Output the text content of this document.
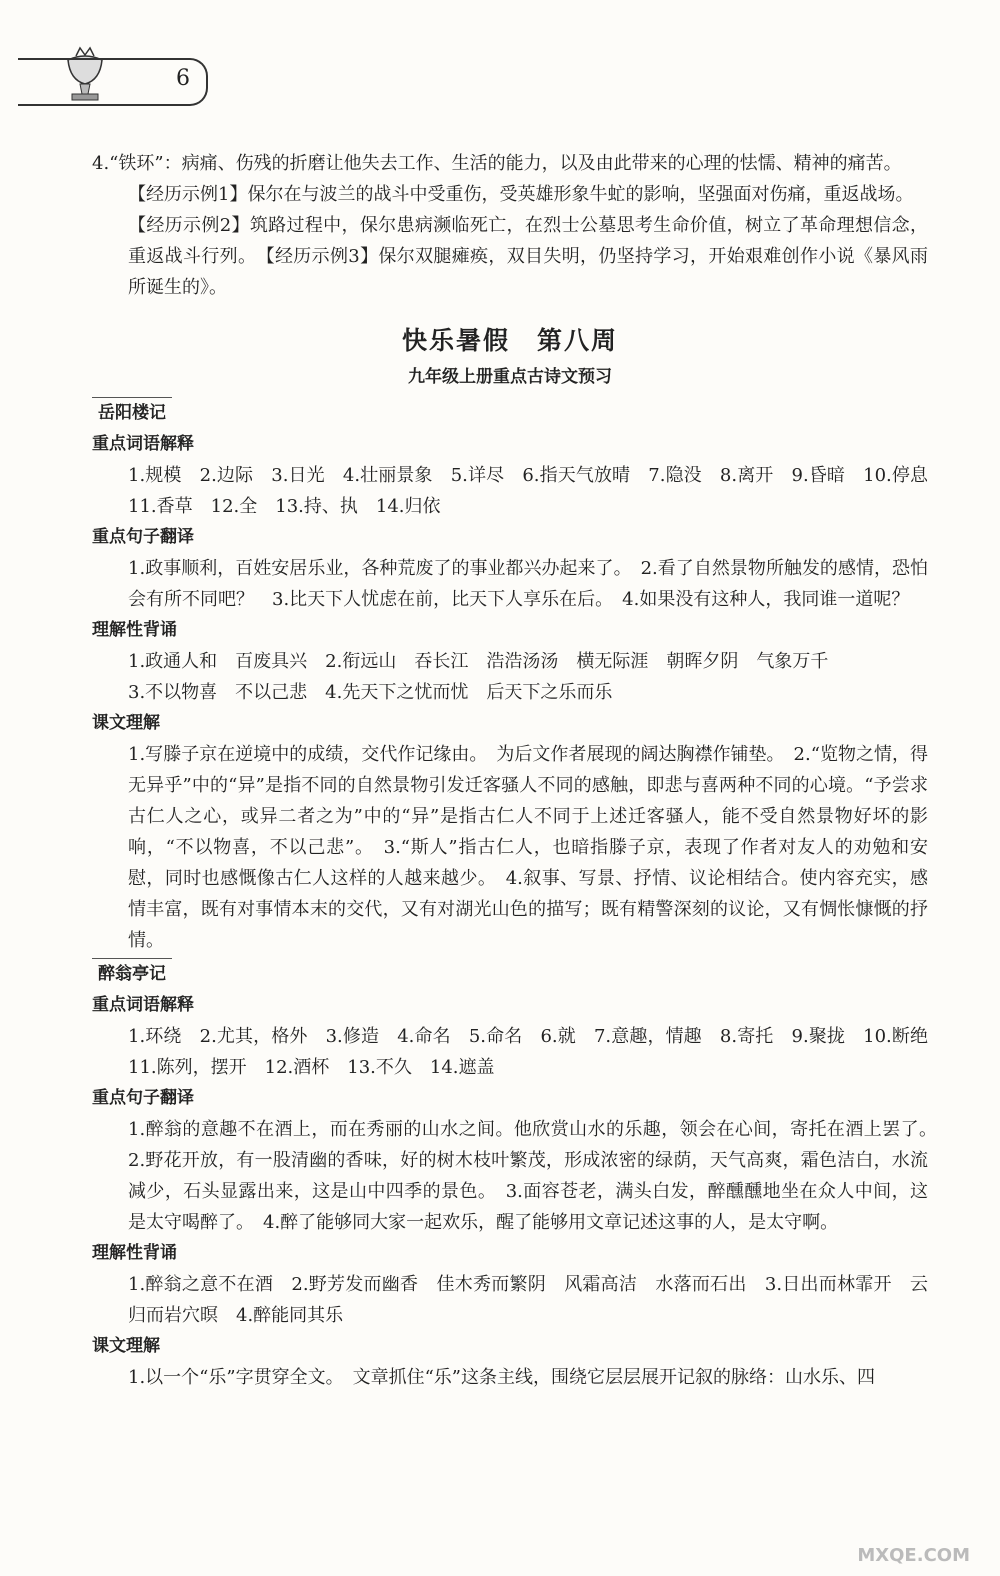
6

4.“铁环”：病痛、伤残的折磨让他失去工作、生活的能力，以及由此带来的心理的怯懦、精神的痛苦。

【经历示例1】保尔在与波兰的战斗中受重伤，受英雄形象牛虻的影响，坚强面对伤痛，重返战场。

【经历示例2】筑路过程中，保尔患病濒临死亡，在烈士公墓思考生命价值，树立了革命理想信念，重返战斗行列。　【经历示例3】保尔双腿瘫痪，双目失明，仍坚持学习，开始艰难创作小说《暴风雨所诞生的》。

快乐暑假　第八周
九年级上册重点古诗文预习
岳阳楼记
重点词语解释

1.规模　2.边际　3.日光　4.壮丽景象　5.详尽　6.指天气放晴　7.隐没　8.离开　9.昏暗　10.停息　11.香草　12.全　13.持、执　14.归依

重点句子翻译

1.政事顺利，百姓安居乐业，各种荒废了的事业都兴办起来了。　2.看了自然景物所触发的感情，恐怕会有所不同吧？　3.比天下人忧虑在前，比天下人享乐在后。　4.如果没有这种人，我同谁一道呢？

理解性背诵

1.政通人和　百废具兴　2.衔远山　吞长江　浩浩汤汤　横无际涯　朝晖夕阴　气象万千

3.不以物喜　不以己悲　4.先天下之忧而忧　后天下之乐而乐

课文理解

1.写滕子京在逆境中的成绩，交代作记缘由。　为后文作者展现的阔达胸襟作铺垫。　2.“览物之情，得无异乎”中的“异”是指不同的自然景物引发迁客骚人不同的感触，即悲与喜两种不同的心境。“予尝求古仁人之心，或异二者之为”中的“异”是指古仁人不同于上述迁客骚人，能不受自然景物好坏的影响，“不以物喜，不以己悲”。　3.“斯人”指古仁人，也暗指滕子京，表现了作者对友人的劝勉和安慰，同时也感慨像古仁人这样的人越来越少。　4.叙事、写景、抒情、议论相结合。使内容充实，感情丰富，既有对事情本末的交代，又有对湖光山色的描写；既有精警深刻的议论，又有惆怅慷慨的抒情。

醉翁亭记
重点词语解释

1.环绕　2.尤其，格外　3.修造　4.命名　5.命名　6.就　7.意趣，情趣　8.寄托　9.聚拢　10.断绝　11.陈列，摆开　12.酒杯　13.不久　14.遮盖

重点句子翻译

1.醉翁的意趣不在酒上，而在秀丽的山水之间。他欣赏山水的乐趣，领会在心间，寄托在酒上罢了。　2.野花开放，有一股清幽的香味，好的树木枝叶繁茂，形成浓密的绿荫，天气高爽，霜色洁白，水流减少，石头显露出来，这是山中四季的景色。　3.面容苍老，满头白发，醉醺醺地坐在众人中间，这是太守喝醉了。　4.醉了能够同大家一起欢乐，醒了能够用文章记述这事的人，是太守啊。

理解性背诵

1.醉翁之意不在酒　2.野芳发而幽香　佳木秀而繁阴　风霜高洁　水落而石出　3.日出而林霏开　云归而岩穴暝　4.醉能同其乐

课文理解

1.以一个“乐”字贯穿全文。　文章抓住“乐”这条主线，围绕它层层展开记叙的脉络：山水乐、四

MXQE.COM
